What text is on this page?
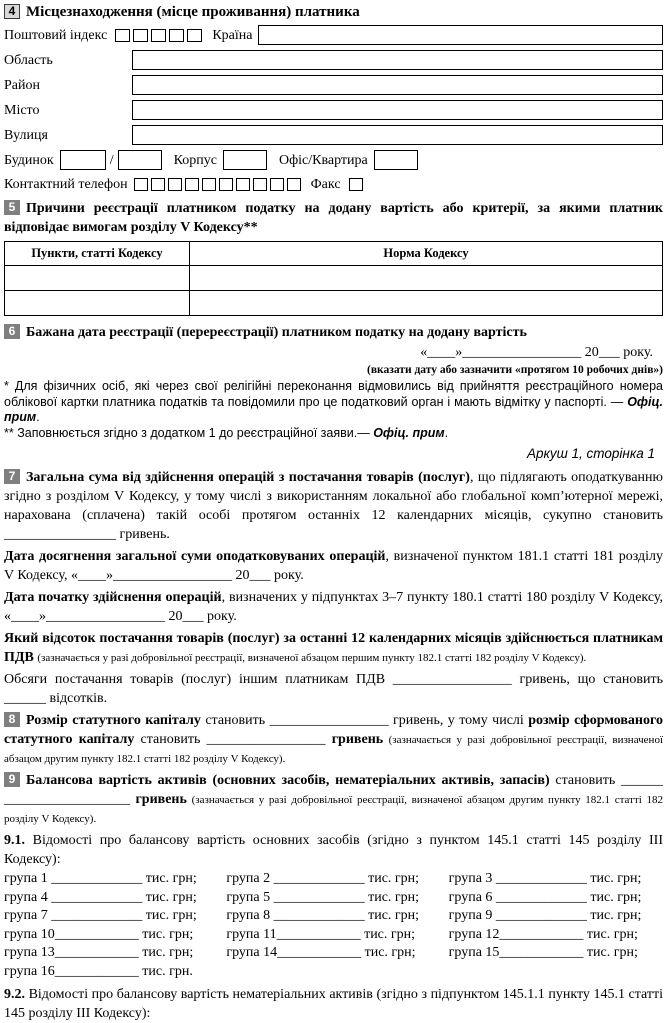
4 Місцезнаходження (місце проживання) платника
Поштовий індекс	Країна
Область
Район
Місто
Вулиця
Будинок	/	Корпус	Офіс/Квартира
Контактний телефон	Факс

5 Причини реєстрації платником податку на додану вартість або критерії, за якими платник відповідає вимогам розділу V Кодексу**

Пункти, статті Кодексу	Норма Кодексу

6 Бажана дата реєстрації (перереєстрації) платником податку на додану вартість

«____»_________________ 20___ року.
(вказати дату або зазначити «протягом 10 робочих днів»)
* Для фізичних осіб, які через свої релігійні переконання відмовились від прийняття реєстраційного номера облікової картки платника податків та повідомили про це податковий орган і мають відмітку у паспорті. — Офіц. прим.
** Заповнюється згідно з додатком 1 до реєстраційної заяви.— Офіц. прим.
Аркуш 1, сторінка 1

7 Загальна сума від здійснення операцій з постачання товарів (послуг), що підлягають оподаткуванню згідно з розділом V Кодексу, у тому числі з використанням локальної або глобальної комп’ютерної мережі, нарахована (сплачена) такій особі протягом останніх 12 календарних місяців, сукупно становить ________________ гривень.

Дата досягнення загальної суми оподатковуваних операцій, визначеної пунктом 181.1 статті 181 розділу V Кодексу, «____»_________________ 20___ року.

Дата початку здійснення операцій, визначених у підпунктах 3–7 пункту 180.1 статті 180 розділу V Кодексу, «____»_________________ 20___ року.

Який відсоток постачання товарів (послуг) за останні 12 календарних місяців здійснюється платникам ПДВ (зазначається у разі добровільної реєстрації, визначеної абзацом першим пункту 182.1 статті 182 розділу V Кодексу).

Обсяги постачання товарів (послуг) іншим платникам ПДВ _________________ гривень, що становить ______ відсотків.

8 Розмір статутного капіталу становить _________________ гривень, у тому числі розмір сформованого статутного капіталу становить _________________ гривень (зазначається у разі добровільної реєстрації, визначеної абзацом другим пункту 182.1 статті 182 розділу V Кодексу).

9 Балансова вартість активів (основних засобів, нематеріальних активів, запасів) становить ______ __________________ гривень (зазначається у разі добровільної реєстрації, визначеної абзацом другим пункту 182.1 статті 182 розділу V Кодексу).

9.1. Відомості про балансову вартість основних засобів (згідно з пунктом 145.1 статті 145 розділу III Кодексу):

група 1 _____________ тис. грн;	група 2 _____________ тис. грн;	група 3 _____________ тис. грн;
група 4 _____________ тис. грн;	група 5 _____________ тис. грн;	група 6 _____________ тис. грн;
група 7 _____________ тис. грн;	група 8 _____________ тис. грн;	група 9 _____________ тис. грн;
група 10____________ тис. грн;	група 11____________ тис. грн;	група 12____________ тис. грн;
група 13____________ тис. грн;	група 14____________ тис. грн;	група 15____________ тис. грн;
група 16____________ тис. грн.

9.2. Відомості про балансову вартість нематеріальних активів (згідно з підпунктом 145.1.1 пункту 145.1 статті 145 розділу III Кодексу):
